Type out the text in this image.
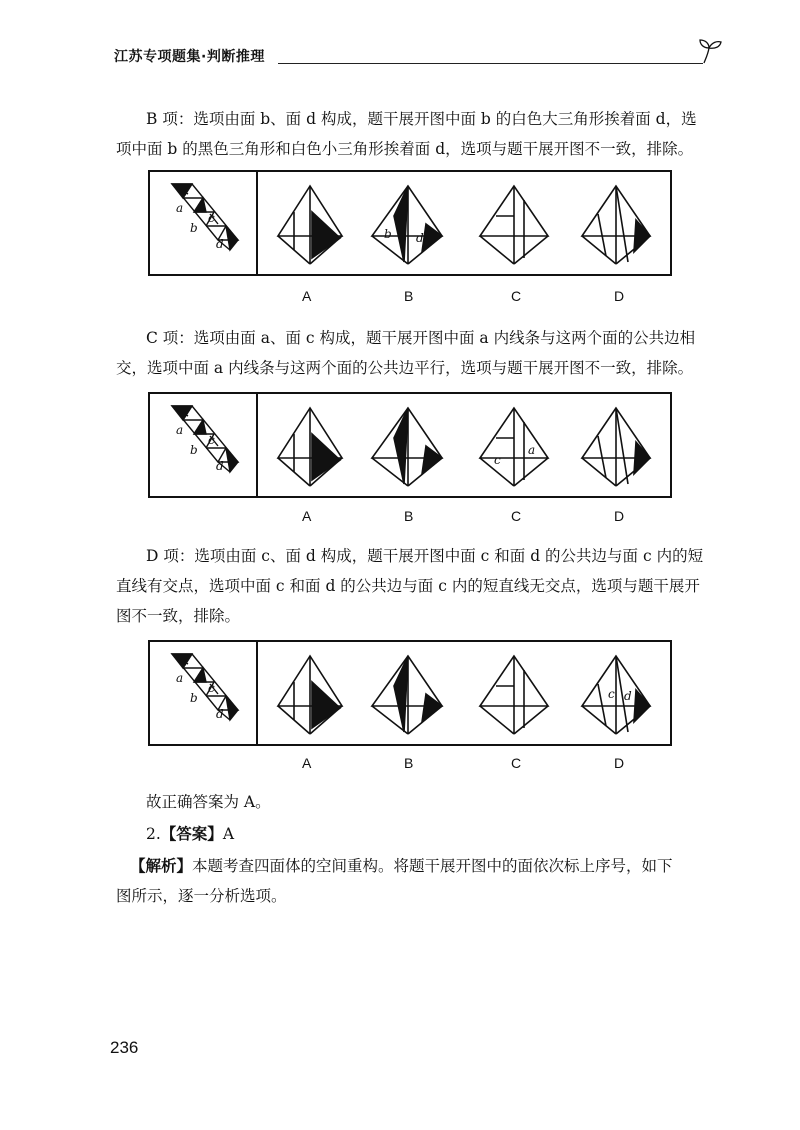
江苏专项题集·判断推理

B 项：选项由面 b、面 d 构成，题干展开图中面 b 的白色大三角形挨着面 d，选
项中面 b 的黑色三角形和白色小三角形挨着面 d，选项与题干展开图不一致，排除。

a
b
c
d
b d
A	B	C	D

C 项：选项由面 a、面 c 构成，题干展开图中面 a 内线条与这两个面的公共边相
交，选项中面 a 内线条与这两个面的公共边平行，选项与题干展开图不一致，排除。

a
b
c
d	c
a
A	B	C	D

D 项：选项由面 c、面 d 构成，题干展开图中面 c 和面 d 的公共边与面 c 内的短
直线有交点，选项中面 c 和面 d 的公共边与面 c 内的短直线无交点，选项与题干展开
图不一致，排除。

a
b
c
d
c d
A	B	C	D

故正确答案为 A。

2.【答案】A

【解析】本题考查四面体的空间重构。将题干展开图中的面依次标上序号，如下
图所示，逐一分析选项。

236
